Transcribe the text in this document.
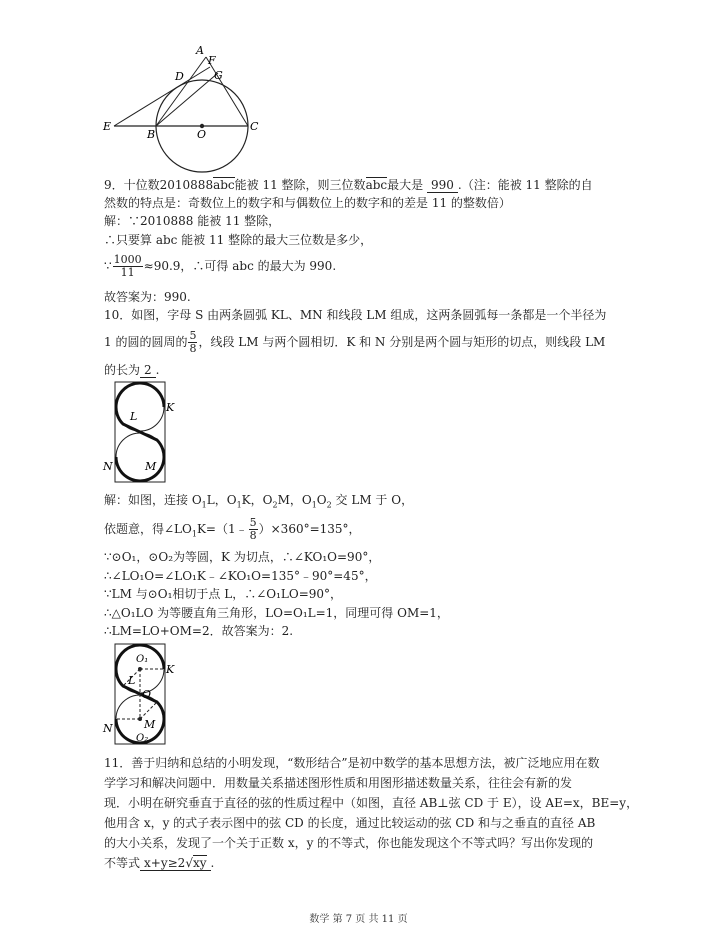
A
F
D	G
E
B	O
C
9．十位数2010888abc能被 11 整除，则三位数abc最大是 990 .（注：能被 11 整除的自
然数的特点是：奇数位上的数字和与偶数位上的数字和的差是 11 的整数倍）
解：∵2010888 能被 11 整除，
∴只要算 abc 能被 11 整除的最大三位数是多少，
∵ $\frac{1000}{11} \approx 90.9$，∴可得 abc 的最大为 990.
故答案为：990.
10．如图，字母 S 由两条圆弧 KL、MN 和线段 LM 组成，这两条圆弧每一条都是一个半径为
1 的圆的圆周的 $\frac{5}{8}$ ，线段 LM 与两个圆相切．K 和 N 分别是两个圆与矩形的切点，则线段 LM
的长为 2 .
L
K
N	M
解：如图，连接 $O_1L$，$O_1K$，$O_2M$，$O_1O_2$ 交 LM 于 O，
依题意，得$\angle LO_1K=(1﹣ \frac{5}{8} )\times 360^\circ=135^\circ$，
∵⊙O₁，⊙O₂为等圆，K 为切点，∴∠KO₁O=90°，
∴∠LO₁O=∠LO₁K﹣∠KO₁O=135°﹣90°=45°，
∵LM 与⊙O₁相切于点 L，∴∠O₁LO=90°，
∴△O₁LO 为等腰直角三角形，LO=O₁L=1，同理可得 OM=1，
∴LM=LO+OM=2．故答案为：2.
O₁
K
L
O
N	M
O₂
11．善于归纳和总结的小明发现，“数形结合”是初中数学的基本思想方法，被广泛地应用在数
学学习和解决问题中．用数量关系描述图形性质和用图形描述数量关系，往往会有新的发
现．小明在研究垂直于直径的弦的性质过程中（如图，直径 AB⊥弦 CD 于 E），设 AE=x，BE=y，
他用含 x，y 的式子表示图中的弦 CD 的长度，通过比较运动的弦 CD 和与之垂直的直径 AB
的大小关系，发现了一个关于正数 x，y 的不等式，你也能发现这个不等式吗？写出你发现的
不等式 x+y≥2√xy .
数学 第 7 页 共 11 页
